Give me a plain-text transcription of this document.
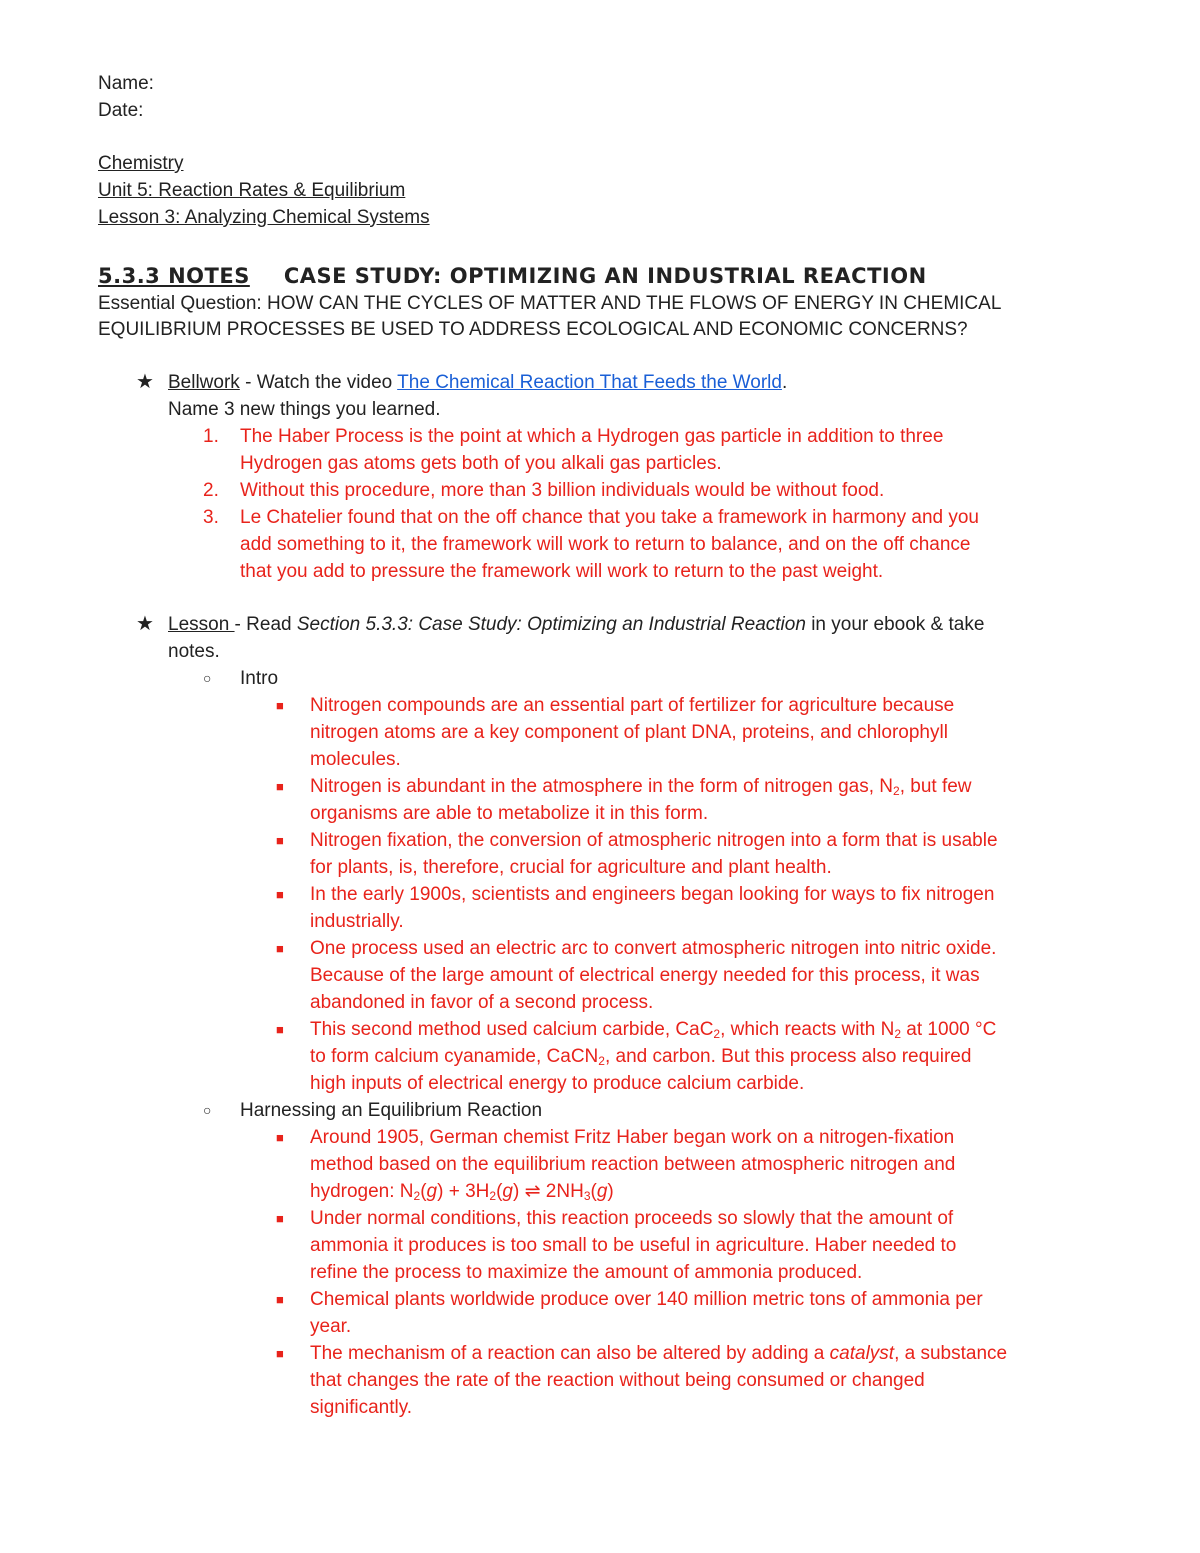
Name:
Date:
Chemistry
Unit 5: Reaction Rates & Equilibrium
Lesson 3: Analyzing Chemical Systems
5.3.3 NOTES CASE STUDY: OPTIMIZING AN INDUSTRIAL REACTION
Essential Question: HOW CAN THE CYCLES OF MATTER AND THE FLOWS OF ENERGY IN CHEMICAL EQUILIBRIUM PROCESSES BE USED TO ADDRESS ECOLOGICAL AND ECONOMIC CONCERNS?
★ Bellwork - Watch the video The Chemical Reaction That Feeds the World.
Name 3 new things you learned.
1. The Haber Process is the point at which a Hydrogen gas particle in addition to three
Hydrogen gas atoms gets both of you alkali gas particles.
2. Without this procedure, more than 3 billion individuals would be without food.
3. Le Chatelier found that on the off chance that you take a framework in harmony and you
add something to it, the framework will work to return to balance, and on the off chance
that you add to pressure the framework will work to return to the past weight.
★ Lesson - Read Section 5.3.3: Case Study: Optimizing an Industrial Reaction in your ebook & take
notes.
○ Intro
■ Nitrogen compounds are an essential part of fertilizer for agriculture because
nitrogen atoms are a key component of plant DNA, proteins, and chlorophyll
molecules.
■ Nitrogen is abundant in the atmosphere in the form of nitrogen gas, $N_2$, but few
organisms are able to metabolize it in this form.
■ Nitrogen fixation, the conversion of atmospheric nitrogen into a form that is usable
for plants, is, therefore, crucial for agriculture and plant health.
■ In the early 1900s, scientists and engineers began looking for ways to fix nitrogen
industrially.
■ One process used an electric arc to convert atmospheric nitrogen into nitric oxide.
Because of the large amount of electrical energy needed for this process, it was
abandoned in favor of a second process.
■ This second method used calcium carbide, CaC$_2$, which reacts with $N_2$ at 1000 °C
to form calcium cyanamide, CaCN$_2$, and carbon. But this process also required
high inputs of electrical energy to produce calcium carbide.
○ Harnessing an Equilibrium Reaction
■ Around 1905, German chemist Fritz Haber began work on a nitrogen-fixation
method based on the equilibrium reaction between atmospheric nitrogen and
hydrogen: $N_2(g) + 3H_2(g)$ ⇌ $2NH_3(g)$
■ Under normal conditions, this reaction proceeds so slowly that the amount of
ammonia it produces is too small to be useful in agriculture. Haber needed to
refine the process to maximize the amount of ammonia produced.
■ Chemical plants worldwide produce over 140 million metric tons of ammonia per
year.
■ The mechanism of a reaction can also be altered by adding a catalyst, a substance
that changes the rate of the reaction without being consumed or changed
significantly.
